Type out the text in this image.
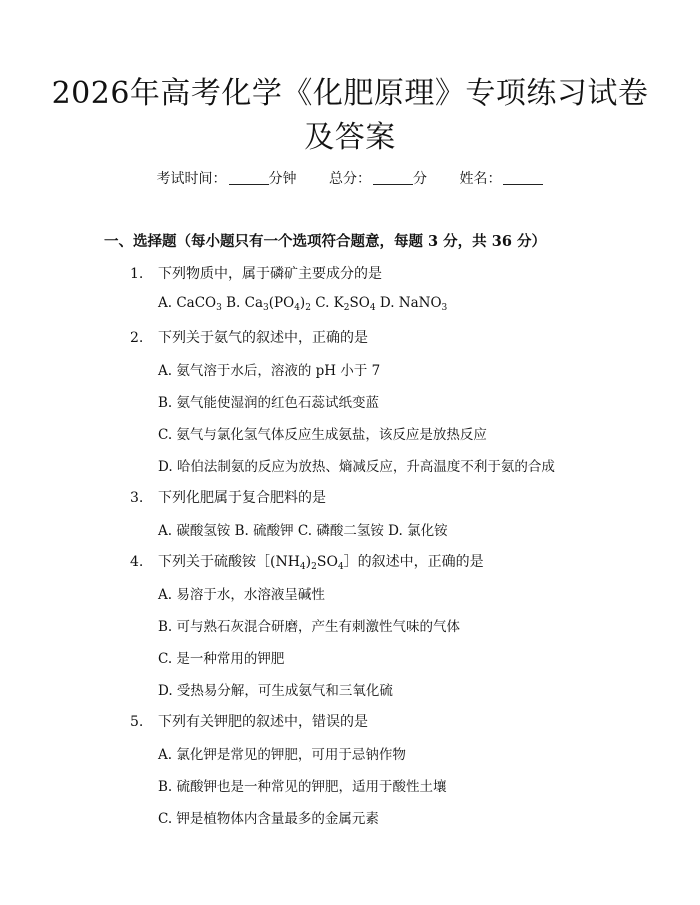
2026年高考化学《化肥原理》专项练习试卷
及答案
考试时间：	分钟 总分：	分 姓名：
一、选择题（每小题只有一个选项符合题意，每题 3 分，共 36 分）
1. 下列物质中，属于磷矿主要成分的是
A. CaCO$_3$ B. $Ca_3(PO_4)_2$ C. $K_2SO_4$ D. NaNO$_3$
2. 下列关于氨气的叙述中，正确的是
A. 氨气溶于水后，溶液的 pH 小于 7
B. 氨气能使湿润的红色石蕊试纸变蓝
C. 氨气与氯化氢气体反应生成氨盐，该反应是放热反应
D. 哈伯法制氨的反应为放热、熵减反应，升高温度不利于氨的合成
3. 下列化肥属于复合肥料的是
A. 碳酸氢铵 B. 硫酸钾 C. 磷酸二氢铵 D. 氯化铵
4. 下列关于硫酸铵$[(NH_4)_2SO_4]$的叙述中，正确的是
A. 易溶于水，水溶液呈碱性
B. 可与熟石灰混合研磨，产生有刺激性气味的气体
C. 是一种常用的钾肥
D. 受热易分解，可生成氨气和三氧化硫
5. 下列有关钾肥的叙述中，错误的是
A. 氯化钾是常见的钾肥，可用于忌钠作物
B. 硫酸钾也是一种常见的钾肥，适用于酸性土壤
C. 钾是植物体内含量最多的金属元素
